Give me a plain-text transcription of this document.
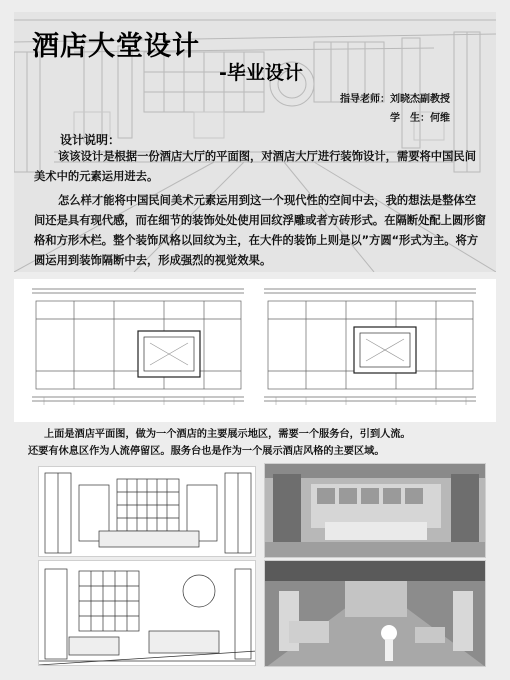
酒店大堂设计
-毕业设计
指导老师：刘晓杰副教授
学　生：何维
设计说明：

该该设计是根据一份酒店大厅的平面图，对酒店大厅进行装饰设计，需要将中国民间美术中的元素运用进去。

怎么样才能将中国民间美术元素运用到这一个现代性的空间中去，我的想法是整体空间还是具有现代感，而在细节的装饰处处使用回纹浮雕或者方砖形式。在隔断处配上圆形窗格和方形木栏。整个装饰风格以回纹为主，在大件的装饰上则是以”方圆“形式为主。将方圆运用到装饰隔断中去，形成强烈的视觉效果。

上面是酒店平面图，做为一个酒店的主要展示地区，需要一个服务台，引到人流。
还要有休息区作为人流停留区。服务台也是作为一个展示酒店风格的主要区域。
